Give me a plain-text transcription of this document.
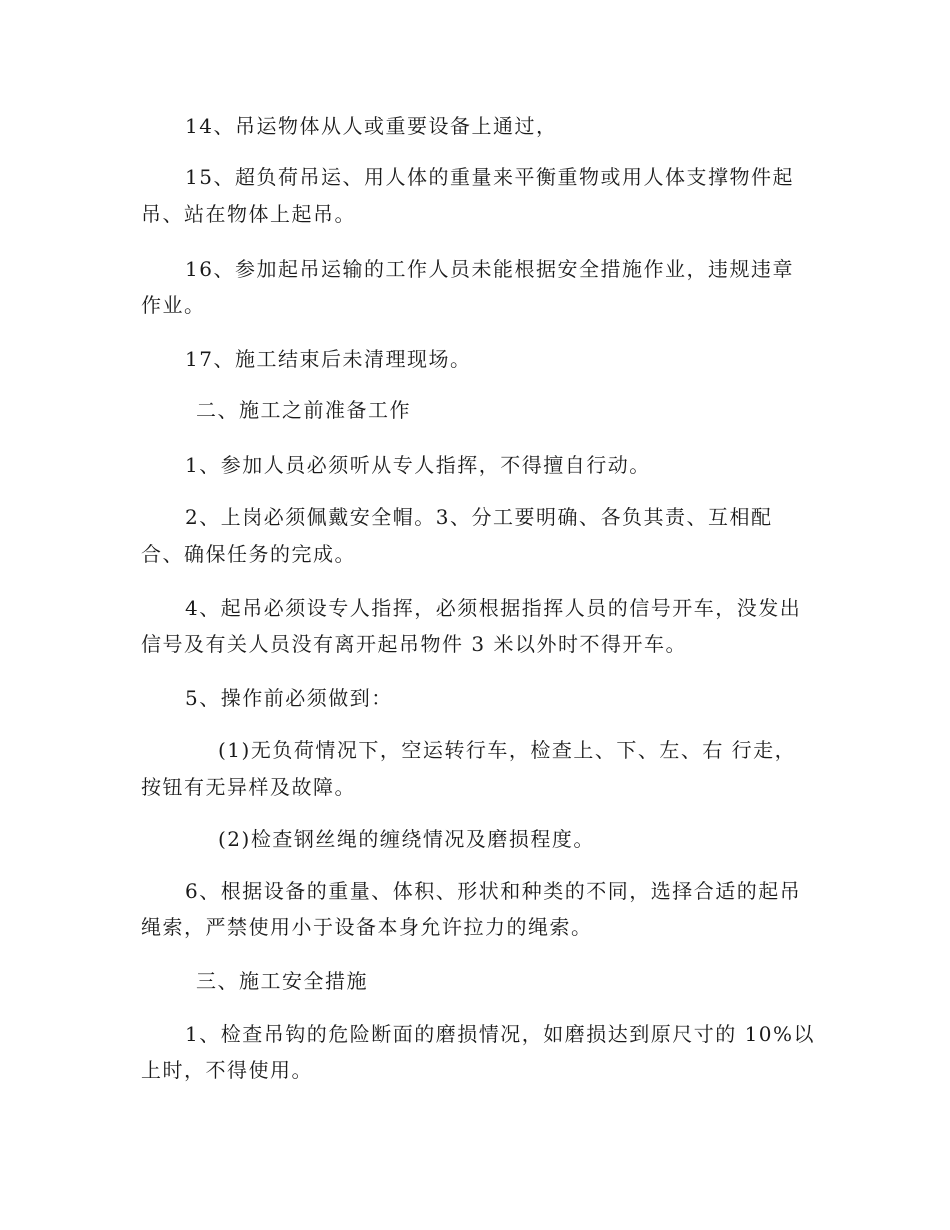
14、吊运物体从人或重要设备上通过，
15、超负荷吊运、用人体的重量来平衡重物或用人体支撑物件起
吊、站在物体上起吊。
16、参加起吊运输的工作人员未能根据安全措施作业，违规违章
作业。
17、施工结束后未清理现场。
二、施工之前准备工作
1、参加人员必须听从专人指挥，不得擅自行动。
2、上岗必须佩戴安全帽。3、分工要明确、各负其责、互相配
合、确保任务的完成。
4、起吊必须设专人指挥，必须根据指挥人员的信号开车，没发出
信号及有关人员没有离开起吊物件 3 米以外时不得开车。
5、操作前必须做到：
(1)无负荷情况下，空运转行车，检查上、下、左、右 行走，
按钮有无异样及故障。
(2)检查钢丝绳的缠绕情况及磨损程度。
6、根据设备的重量、体积、形状和种类的不同，选择合适的起吊
绳索，严禁使用小于设备本身允许拉力的绳索。
三、施工安全措施
1、检查吊钩的危险断面的磨损情况，如磨损达到原尺寸的 10%以
上时，不得使用。
